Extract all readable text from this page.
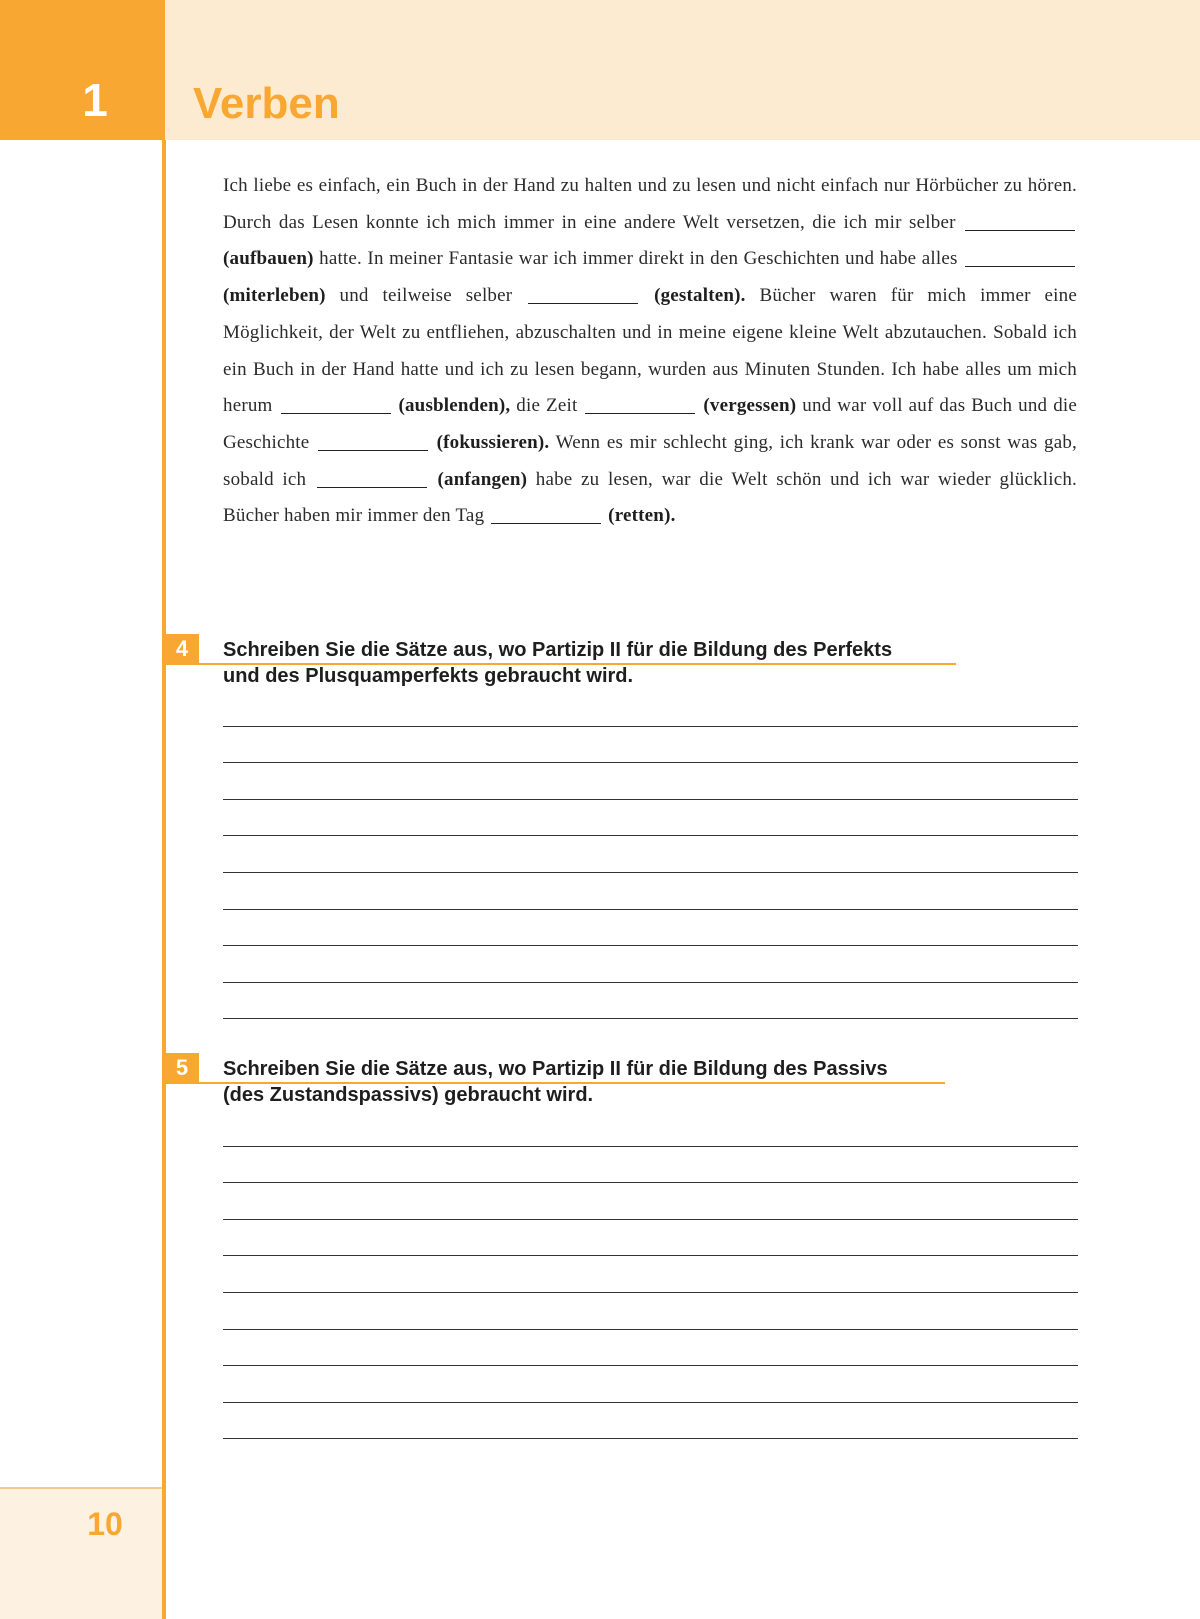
1	Verben
Ich liebe es einfach, ein Buch in der Hand zu halten und zu lesen und nicht einfach nur Hörbücher zu hören. Durch das Lesen konnte ich mich immer in eine andere Welt versetzen, die ich mir selber  (aufbauen) hatte. In meiner Fantasie war ich immer direkt in den Geschichten und habe alles  (miterleben) und teilweise selber	(gestalten). Bücher waren für mich immer eine Möglichkeit, der Welt zu entfliehen, abzuschalten und in meine eigene kleine Welt abzutauchen. Sobald ich ein Buch in der Hand hatte und ich zu lesen begann, wurden aus Minuten Stunden. Ich habe alles um mich herum	(ausblenden), die Zeit	(vergessen) und war voll auf das Buch und die Geschichte	(fokussieren). Wenn es mir schlecht ging, ich krank war oder es sonst was gab, sobald ich	(anfangen) habe zu lesen, war die Welt schön und ich war wieder glücklich. Bücher haben mir immer den Tag	(retten).
4	Schreiben Sie die Sätze aus, wo Partizip II für die Bildung des Perfekts
und des Plusquamperfekts gebraucht wird.
5	Schreiben Sie die Sätze aus, wo Partizip II für die Bildung des Passivs
(des Zustandspassivs) gebraucht wird.
10
